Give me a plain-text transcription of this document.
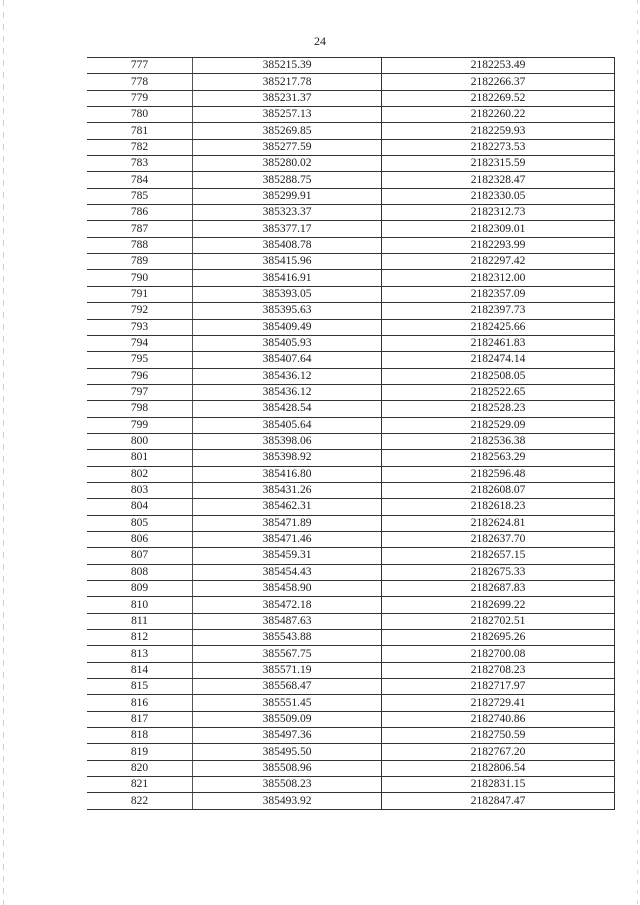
24
777	385215.39	2182253.49
778	385217.78	2182266.37
779	385231.37	2182269.52
780	385257.13	2182260.22
781	385269.85	2182259.93
782	385277.59	2182273.53
783	385280.02	2182315.59
784	385288.75	2182328.47
785	385299.91	2182330.05
786	385323.37	2182312.73
787	385377.17	2182309.01
788	385408.78	2182293.99
789	385415.96	2182297.42
790	385416.91	2182312.00
791	385393.05	2182357.09
792	385395.63	2182397.73
793	385409.49	2182425.66
794	385405.93	2182461.83
795	385407.64	2182474.14
796	385436.12	2182508.05
797	385436.12	2182522.65
798	385428.54	2182528.23
799	385405.64	2182529.09
800	385398.06	2182536.38
801	385398.92	2182563.29
802	385416.80	2182596.48
803	385431.26	2182608.07
804	385462.31	2182618.23
805	385471.89	2182624.81
806	385471.46	2182637.70
807	385459.31	2182657.15
808	385454.43	2182675.33
809	385458.90	2182687.83
810	385472.18	2182699.22
811	385487.63	2182702.51
812	385543.88	2182695.26
813	385567.75	2182700.08
814	385571.19	2182708.23
815	385568.47	2182717.97
816	385551.45	2182729.41
817	385509.09	2182740.86
818	385497.36	2182750.59
819	385495.50	2182767.20
820	385508.96	2182806.54
821	385508.23	2182831.15
822	385493.92	2182847.47
